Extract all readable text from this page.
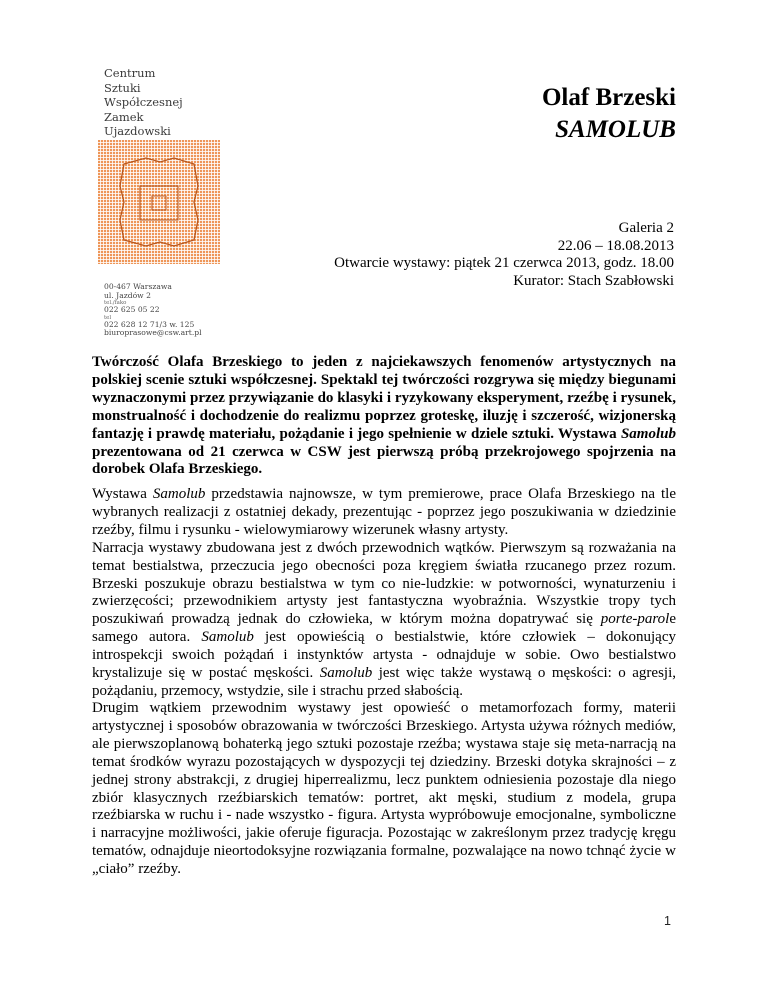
Centrum
Sztuki
Współczesnej
Zamek
Ujazdowski
00-467 Warszawa
ul. Jazdów 2
tel./fako
022 625 05 22
tel
022 628 12 71/3 w. 125
biuroprasowe@csw.art.pl
Olaf Brzeski
SAMOLUB
Galeria 2
22.06 – 18.08.2013
Otwarcie wystawy: piątek 21 czerwca 2013, godz. 18.00
Kurator: Stach Szabłowski
Twórczość Olafa Brzeskiego to jeden z najciekawszych fenomenów artystycznych na polskiej scenie sztuki współczesnej. Spektakl tej twórczości rozgrywa się między biegunami wyznaczonymi przez przywiązanie do klasyki i ryzykowany eksperyment, rzeźbę i rysunek, monstrualność i dochodzenie do realizmu poprzez groteskę, iluzję i szczerość, wizjonerską fantazję i prawdę materiału, pożądanie i jego spełnienie w dziele sztuki. Wystawa Samolub prezentowana od 21 czerwca w CSW jest pierwszą próbą przekrojowego spojrzenia na dorobek Olafa Brzeskiego.

Wystawa Samolub przedstawia najnowsze, w tym premierowe, prace Olafa Brzeskiego na tle wybranych realizacji z ostatniej dekady, prezentując - poprzez jego poszukiwania w dziedzinie rzeźby, filmu i rysunku - wielowymiarowy wizerunek własny artysty.

Narracja wystawy zbudowana jest z dwóch przewodnich wątków. Pierwszym są rozważania na temat bestialstwa, przeczucia jego obecności poza kręgiem światła rzucanego przez rozum. Brzeski poszukuje obrazu bestialstwa w tym co nie-ludzkie: w potworności, wynaturzeniu i zwierzęcości; przewodnikiem artysty jest fantastyczna wyobraźnia. Wszystkie tropy tych poszukiwań prowadzą jednak do człowieka, w którym można dopatrywać się porte-parole samego autora. Samolub jest opowieścią o bestialstwie, które człowiek – dokonujący introspekcji swoich pożądań i instynktów artysta - odnajduje w sobie. Owo bestialstwo krystalizuje się w postać męskości. Samolub jest więc także wystawą o męskości: o agresji, pożądaniu, przemocy, wstydzie, sile i strachu przed słabością.

Drugim wątkiem przewodnim wystawy jest opowieść o metamorfozach formy, materii artystycznej i sposobów obrazowania w twórczości Brzeskiego. Artysta używa różnych mediów, ale pierwszoplanową bohaterką jego sztuki pozostaje rzeźba; wystawa staje się meta-narracją na temat środków wyrazu pozostających w dyspozycji tej dziedziny. Brzeski dotyka skrajności – z jednej strony abstrakcji, z drugiej hiperrealizmu, lecz punktem odniesienia pozostaje dla niego zbiór klasycznych rzeźbiarskich tematów: portret, akt męski, studium z modela, grupa rzeźbiarska w ruchu i - nade wszystko - figura. Artysta wypróbowuje emocjonalne, symboliczne i narracyjne możliwości, jakie oferuje figuracja. Pozostając w zakreślonym przez tradycję kręgu tematów, odnajduje nieortodoksyjne rozwiązania formalne, pozwalające na nowo tchnąć życie w „ciało” rzeźby.

1
